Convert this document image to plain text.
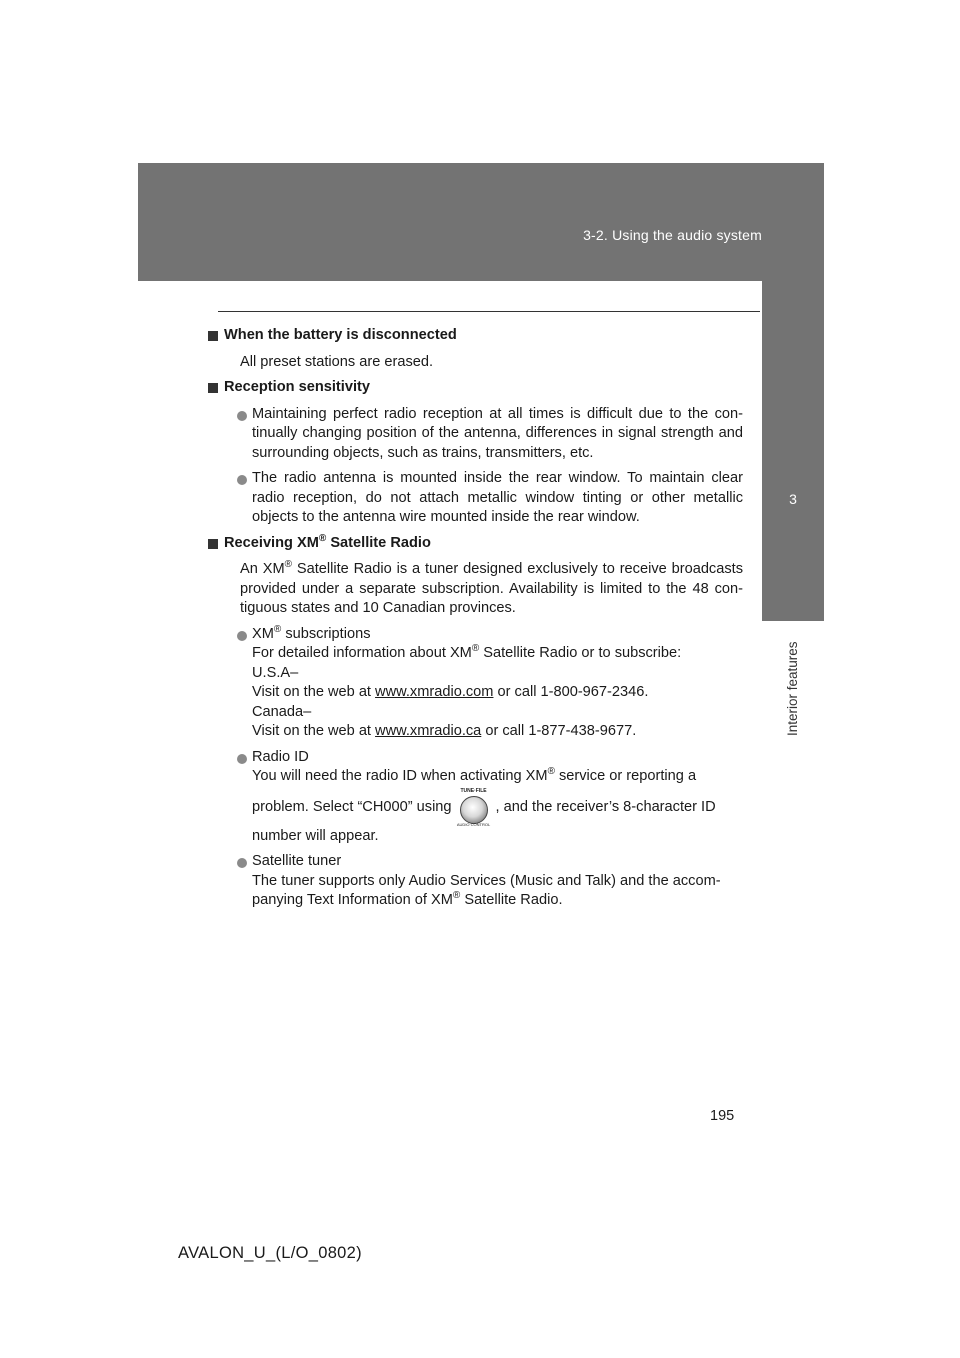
3-2. Using the audio system
3
Interior features
When the battery is disconnected
All preset stations are erased.
Reception sensitivity
Maintaining perfect radio reception at all times is difficult due to the con- tinually changing position of the antenna, differences in signal strength and surrounding objects, such as trains, transmitters, etc.
The radio antenna is mounted inside the rear window. To maintain clear radio reception, do not attach metallic window tinting or other metallic objects to the antenna wire mounted inside the rear window.
Receiving XM® Satellite Radio
An XM® Satellite Radio is a tuner designed exclusively to receive broadcasts provided under a separate subscription. Availability is limited to the 48 con- tiguous states and 10 Canadian provinces.
XM® subscriptions
For detailed information about XM® Satellite Radio or to subscribe:
U.S.A–
Visit on the web at www.xmradio.com or call 1-800-967-2346.
Canada–
Visit on the web at www.xmradio.ca or call 1-877-438-9677.
Radio ID
You will need the radio ID when activating XM® service or reporting a
problem. Select “CH000” using
TUNE·FILE
AUDIO CONTROL
, and the receiver’s 8-character ID
number will appear.
Satellite tuner
The tuner supports only Audio Services (Music and Talk) and the accom-
panying Text Information of XM® Satellite Radio.
195
AVALON_U_(L/O_0802)
